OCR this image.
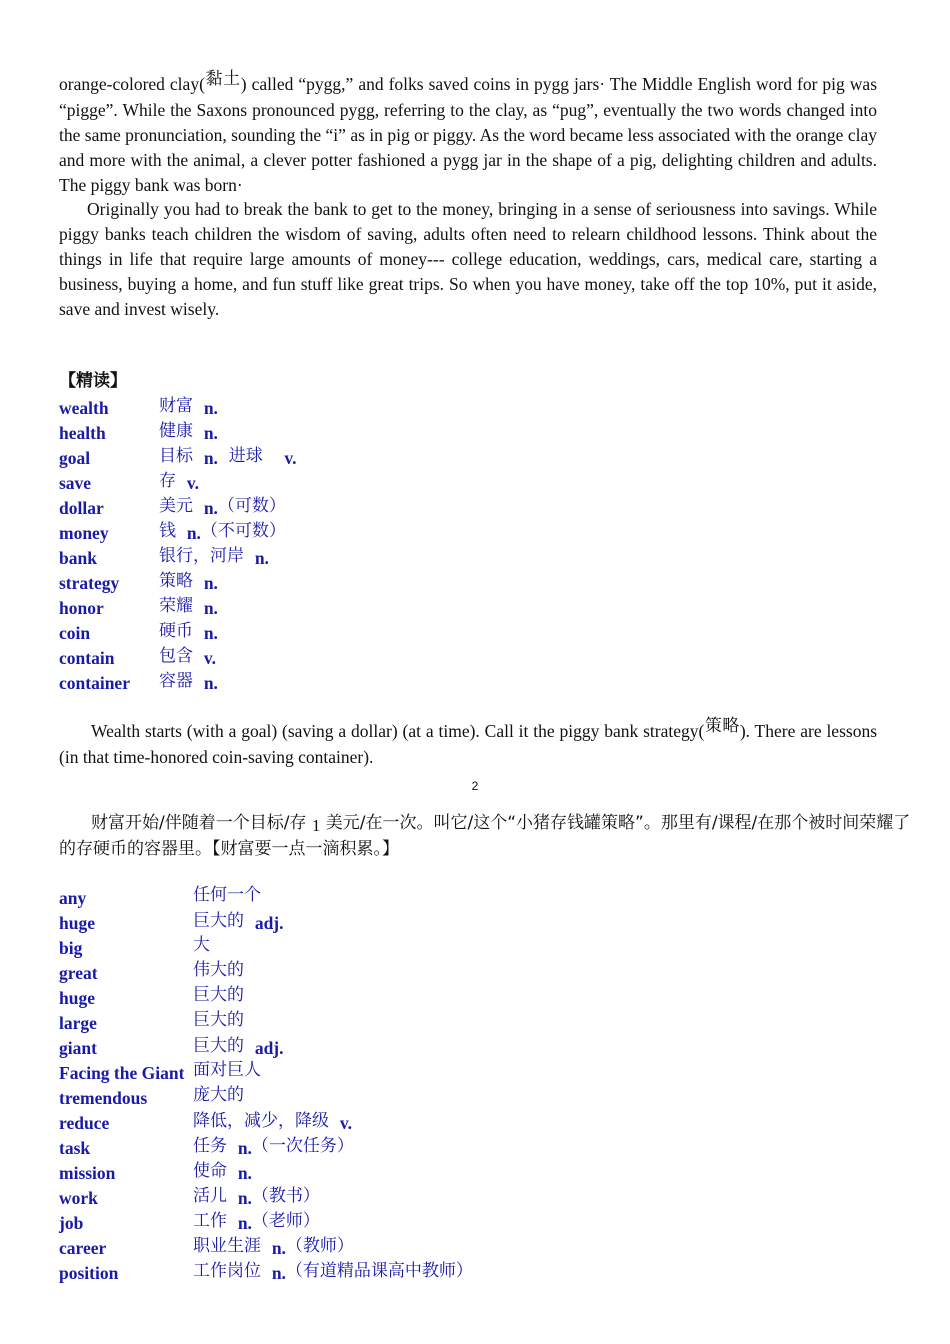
orange-colored clay(黏土) called “pygg,” and folks saved coins in pygg jars· The Middle English word for pig was “pigge”. While the Saxons pronounced pygg, referring to the clay, as “pug”, eventually the two words changed into the same pronunciation, sounding the “i” as in pig or piggy. As the word became less associated with the orange clay and more with the animal, a clever potter fashioned a pygg jar in the shape of a pig, delighting children and adults. The piggy bank was born·
Originally you had to break the bank to get to the money, bringing in a sense of seriousness into savings. While piggy banks teach children the wisdom of saving, adults often need to relearn childhood lessons. Think about the things in life that require large amounts of money--- college education, weddings, cars, medical care, starting a business, buying a home, and fun stuff like great trips. So when you have money, take off the top 10%, put it aside, save and invest wisely.
【精读】
wealth	财富 n.
health	健康 n.
goal	目标 n. 进球 v.
save	存 v.
dollar	美元 n.（可数）
money	钱 n.（不可数）
bank	银行，河岸 n.
strategy 策略 n.
honor	荣耀 n.
coin	硬币 n.
contain	包含 v.
container 容器 n.
Wealth starts (with a goal) (saving a dollar) (at a time). Call it the piggy bank strategy(策略). There are lessons (in that time-honored coin-saving container).
2
财富开始/伴随着一个目标/存 1 美元/在一次。叫它/这个“小猪存钱罐策略”。那里有/课程/在那个被时间荣耀了的存硬币的容器里。【财富要一点一滴积累。】
any	任何一个
huge	巨大的 adj.
big	大
great	伟大的
huge	巨大的
large	巨大的
giant	巨大的 adj.
Facing the Giant 面对巨人
tremendous	庞大的
reduce	降低，减少，降级 v.
task	任务 n.（一次任务）
mission	使命 n.
work	活儿 n.（教书）
job	工作 n.（老师）
career	职业生涯 n.（教师）
position	工作岗位 n.（有道精品课高中教师）
